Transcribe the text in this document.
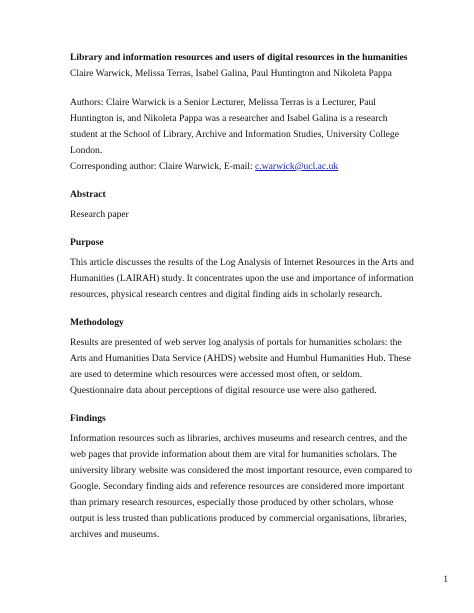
Library and information resources and users of digital resources in the humanities

Claire Warwick, Melissa Terras, Isabel Galina, Paul Huntington and Nikoleta Pappa

Authors: Claire Warwick is a Senior Lecturer, Melissa Terras is a Lecturer, Paul Huntington is, and Nikoleta Pappa was a researcher and Isabel Galina is a research student at the School of Library, Archive and Information Studies, University College London.

Corresponding author: Claire Warwick, E-mail: c.warwick@ucl.ac.uk

Abstract

Research paper

Purpose

This article discusses the results of the Log Analysis of Internet Resources in the Arts and Humanities (LAIRAH) study. It concentrates upon the use and importance of information resources, physical research centres and digital finding aids in scholarly research.

Methodology

Results are presented of web server log analysis of portals for humanities scholars: the Arts and Humanities Data Service (AHDS) website and Humbul Humanities Hub. These are used to determine which resources were accessed most often, or seldom. Questionnaire data about perceptions of digital resource use were also gathered.

Findings

Information resources such as libraries, archives museums and research centres, and the web pages that provide information about them are vital for humanities scholars. The university library website was considered the most important resource, even compared to Google. Secondary finding aids and reference resources are considered more important than primary research resources, especially those produced by other scholars, whose output is less trusted than publications produced by commercial organisations, libraries, archives and museums.

1
